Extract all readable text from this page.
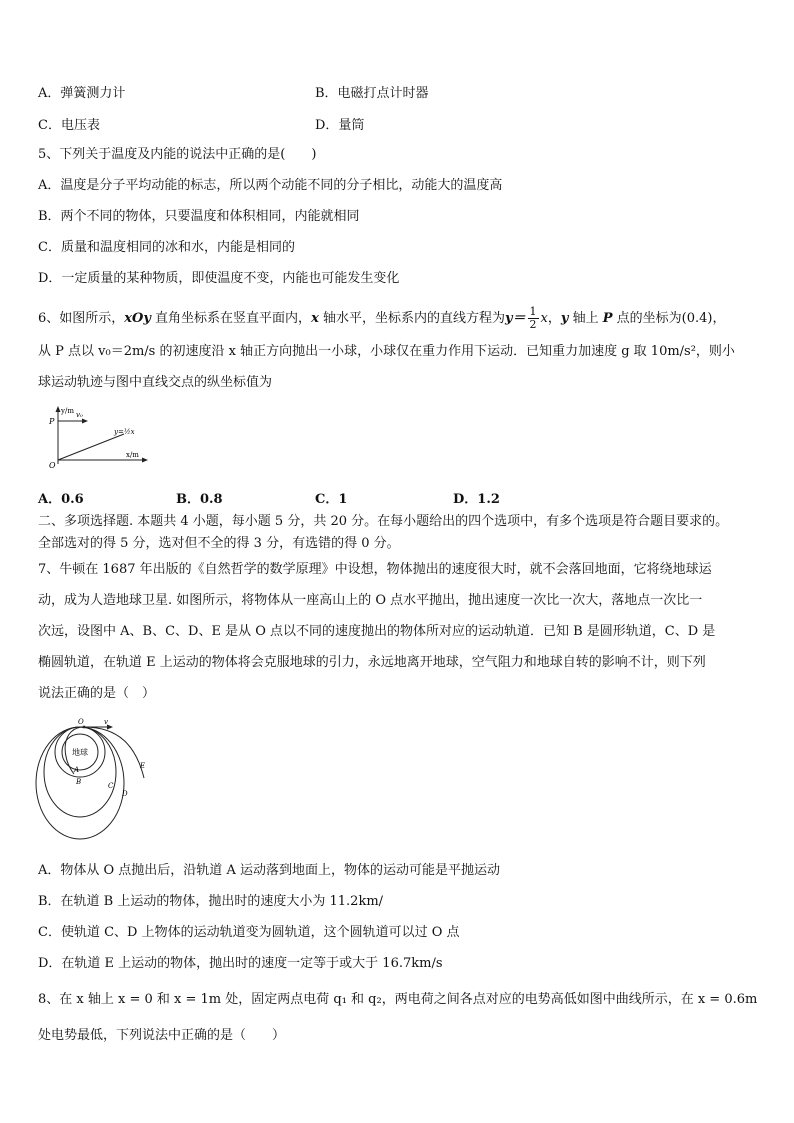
A．弹簧测力计	B．电磁打点计时器
C．电压表	D．量筒
5、下列关于温度及内能的说法中正确的是(　　)
A．温度是分子平均动能的标志，所以两个动能不同的分子相比，动能大的温度高
B．两个不同的物体，只要温度和体积相同，内能就相同
C．质量和温度相同的冰和水，内能是相同的
D．一定质量的某种物质，即使温度不变，内能也可能发生变化
6、如图所示，xOy 直角坐标系在竖直平面内，x 轴水平，坐标系内的直线方程为$y= \frac{1}{2}$ x，y 轴上 P 点的坐标为(0.4)，
从 P 点以 v₀＝2m/s 的初速度沿 x 轴正方向抛出一小球，小球仅在重力作用下运动．已知重力加速度 g 取 10m/s²，则小
球运动轨迹与图中直线交点的纵坐标值为
y/m v₀
P
O
x/m
y=½x
A．0.6	B．0.8	C．1	D．1.2
二、多项选择题. 本题共 4 小题，每小题 5 分，共 20 分。在每小题给出的四个选项中，有多个选项是符合题目要求的。
全部选对的得 5 分，选对但不全的得 3 分，有选错的得 0 分。
7、牛顿在 1687 年出版的《自然哲学的数学原理》中设想，物体抛出的速度很大时，就不会落回地面，它将绕地球运
动，成为人造地球卫星. 如图所示，将物体从一座高山上的 O 点水平抛出，抛出速度一次比一次大，落地点一次比一
次远，设图中 A、B、C、D、E 是从 O 点以不同的速度抛出的物体所对应的运动轨道．已知 B 是圆形轨道，C、D 是
椭圆轨道，在轨道 E 上运动的物体将会克服地球的引力，永远地离开地球，空气阻力和地球自转的影响不计，则下列
说法正确的是（　）
O	v
地球
A
B	C
D
E
A．物体从 O 点抛出后，沿轨道 A 运动落到地面上，物体的运动可能是平抛运动
B．在轨道 B 上运动的物体，抛出时的速度大小为 11.2km/
C．使轨道 C、D 上物体的运动轨道变为圆轨道，这个圆轨道可以过 O 点
D．在轨道 E 上运动的物体，抛出时的速度一定等于或大于 16.7km/s
8、在 x 轴上 x = 0 和 x = 1m 处，固定两点电荷 q₁ 和 q₂，两电荷之间各点对应的电势高低如图中曲线所示，在 x = 0.6m
处电势最低，下列说法中正确的是（　　）
